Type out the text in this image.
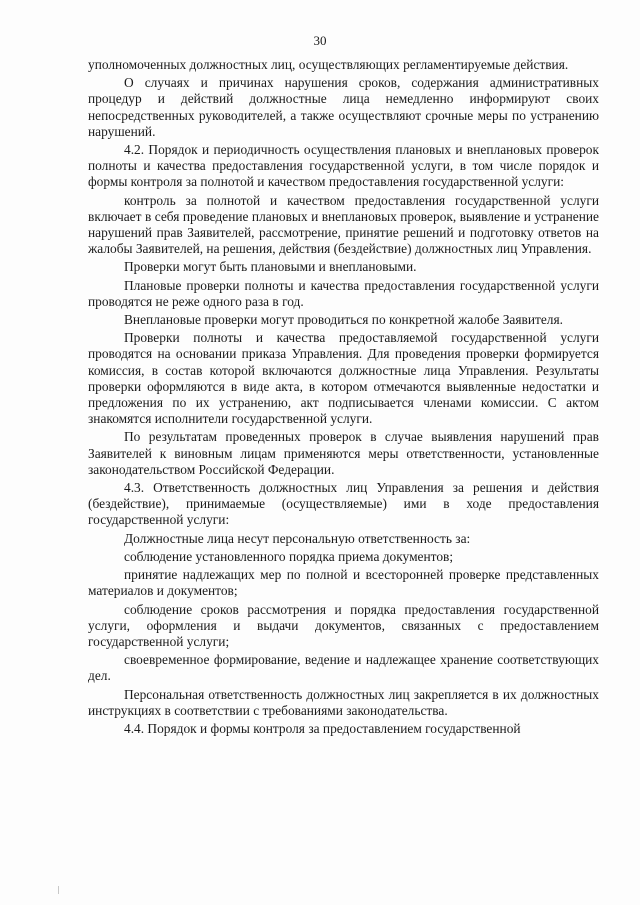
30

уполномоченных должностных лиц, осуществляющих регламентируемые действия.

О случаях и причинах нарушения сроков, содержания административных процедур и действий должностные лица немедленно информируют своих непосредственных руководителей, а также осуществляют срочные меры по устранению нарушений.

4.2. Порядок и периодичность осуществления плановых и внеплановых проверок полноты и качества предоставления государственной услуги, в том числе порядок и формы контроля за полнотой и качеством предоставления государственной услуги:

контроль за полнотой и качеством предоставления государственной услуги включает в себя проведение плановых и внеплановых проверок, выявление и устранение нарушений прав Заявителей, рассмотрение, принятие решений и подготовку ответов на жалобы Заявителей, на решения, действия (бездействие) должностных лиц Управления.

Проверки могут быть плановыми и внеплановыми.

Плановые проверки полноты и качества предоставления государственной услуги проводятся не реже одного раза в год.

Внеплановые проверки могут проводиться по конкретной жалобе Заявителя.

Проверки полноты и качества предоставляемой государственной услуги проводятся на основании приказа Управления. Для проведения проверки формируется комиссия, в состав которой включаются должностные лица Управления. Результаты проверки оформляются в виде акта, в котором отмечаются выявленные недостатки и предложения по их устранению, акт подписывается членами комиссии. С актом знакомятся исполнители государственной услуги.

По результатам проведенных проверок в случае выявления нарушений прав Заявителей к виновным лицам применяются меры ответственности, установленные законодательством Российской Федерации.

4.3. Ответственность должностных лиц Управления за решения и действия (бездействие), принимаемые (осуществляемые) ими в ходе предоставления государственной услуги:

Должностные лица несут персональную ответственность за:

соблюдение установленного порядка приема документов;

принятие надлежащих мер по полной и всесторонней проверке представленных материалов и документов;

соблюдение сроков рассмотрения и порядка предоставления государственной услуги, оформления и выдачи документов, связанных с предоставлением государственной услуги;

своевременное формирование, ведение и надлежащее хранение соответствующих дел.

Персональная ответственность должностных лиц закрепляется в их должностных инструкциях в соответствии с требованиями законодательства.

4.4. Порядок и формы контроля за предоставлением государственной
